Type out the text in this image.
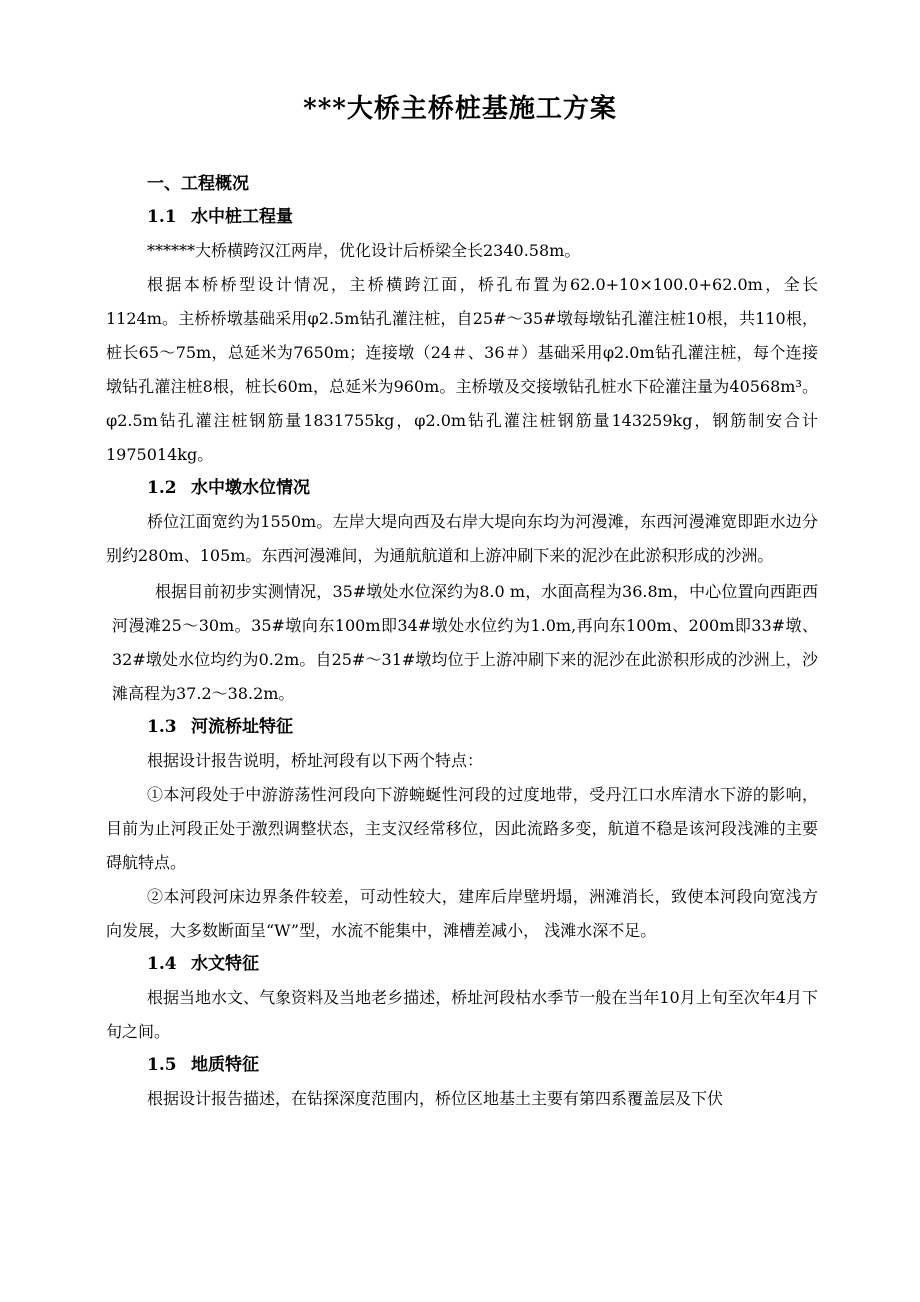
***大桥主桥桩基施工方案
一、工程概况
1.1 水中桩工程量

******大桥横跨汉江两岸，优化设计后桥梁全长2340.58m。

根据本桥桥型设计情况，主桥横跨江面，桥孔布置为62.0+10×100.0+62.0m，全长1124m。主桥桥墩基础采用φ2.5m钻孔灌注桩，自25#～35#墩每墩钻孔灌注桩10根，共110根，桩长65～75m，总延米为7650m；连接墩（24＃、36＃）基础采用φ2.0m钻孔灌注桩，每个连接墩钻孔灌注桩8根，桩长60m，总延米为960m。主桥墩及交接墩钻孔桩水下砼灌注量为40568m³。φ2.5m钻孔灌注桩钢筋量1831755kg，φ2.0m钻孔灌注桩钢筋量143259kg，钢筋制安合计1975014kg。

1.2 水中墩水位情况

桥位江面宽约为1550m。左岸大堤向西及右岸大堤向东均为河漫滩，东西河漫滩宽即距水边分别约280m、105m。东西河漫滩间，为通航航道和上游冲刷下来的泥沙在此淤积形成的沙洲。

根据目前初步实测情况，35#墩处水位深约为8.0 m，水面高程为36.8m，中心位置向西距西河漫滩25～30m。35#墩向东100m即34#墩处水位约为1.0m,再向东100m、200m即33#墩、32#墩处水位均约为0.2m。自25#～31#墩均位于上游冲刷下来的泥沙在此淤积形成的沙洲上，沙滩高程为37.2～38.2m。

1.3 河流桥址特征

根据设计报告说明，桥址河段有以下两个特点：

①本河段处于中游游荡性河段向下游蜿蜒性河段的过度地带，受丹江口水库清水下游的影响，目前为止河段正处于激烈调整状态，主支汉经常移位，因此流路多变，航道不稳是该河段浅滩的主要碍航特点。

②本河段河床边界条件较差，可动性较大，建库后岸壁坍塌，洲滩消长，致使本河段向宽浅方向发展，大多数断面呈“W”型，水流不能集中，滩槽差减小， 浅滩水深不足。

1.4 水文特征

根据当地水文、气象资料及当地老乡描述，桥址河段枯水季节一般在当年10月上旬至次年4月下旬之间。

1.5 地质特征

根据设计报告描述，在钻探深度范围内，桥位区地基土主要有第四系覆盖层及下伏
